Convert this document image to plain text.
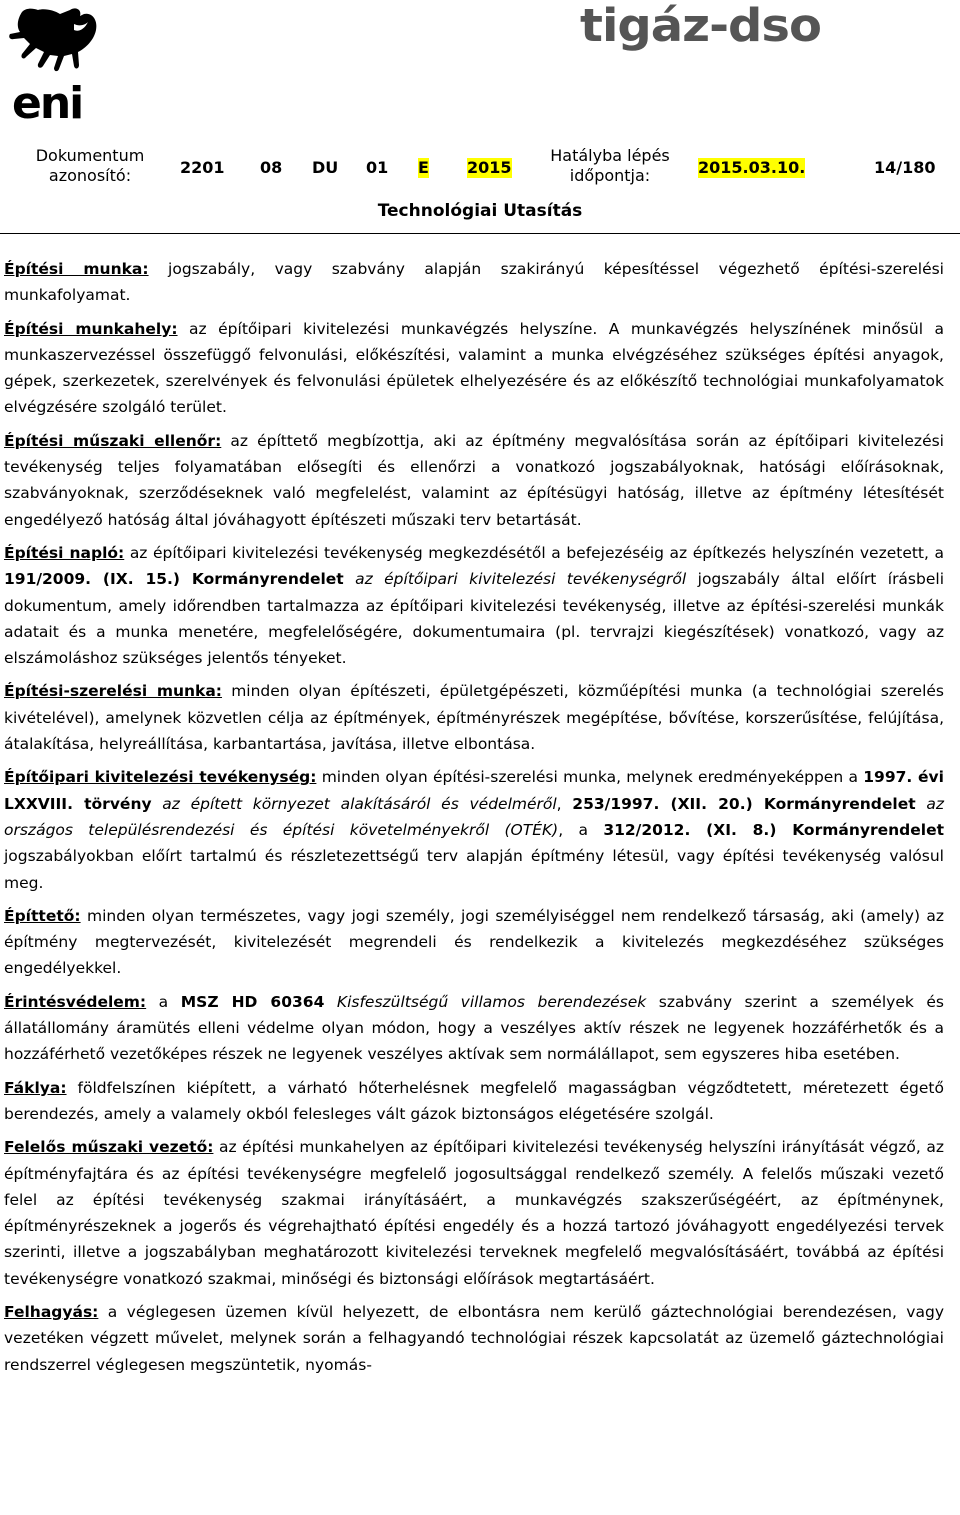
eni
tigáz-dso
Dokumentum azonosító:	2201 08 DU 01 E 2015
Hatályba lépés időpontja:	2015.03.10.	14/180
Technológiai Utasítás

Építési munka: jogszabály, vagy szabvány alapján szakirányú képesítéssel végezhető építési-szerelési munkafolyamat.

Építési munkahely: az építőipari kivitelezési munkavégzés helyszíne. A munkavégzés helyszínének minősül a munkaszervezéssel összefüggő felvonulási, előkészítési, valamint a munka elvégzéséhez szükséges építési anyagok, gépek, szerkezetek, szerelvények és felvonulási épületek elhelyezésére és az előkészítő technológiai munkafolyamatok elvégzésére szolgáló terület.

Építési műszaki ellenőr: az építtető megbízottja, aki az építmény megvalósítása során az építőipari kivitelezési tevékenység teljes folyamatában elősegíti és ellenőrzi a vonatkozó jogszabályoknak, hatósági előírásoknak, szabványoknak, szerződéseknek való megfelelést, valamint az építésügyi hatóság, illetve az építmény létesítését engedélyező hatóság által jóváhagyott építészeti műszaki terv betartását.

Építési napló: az építőipari kivitelezési tevékenység megkezdésétől a befejezéséig az építkezés helyszínén vezetett, a 191/2009. (IX. 15.) Kormányrendelet az építőipari kivitelezési tevékenységről jogszabály által előírt írásbeli dokumentum, amely időrendben tartalmazza az építőipari kivitelezési tevékenység, illetve az építési-szerelési munkák adatait és a munka menetére, megfelelőségére, dokumentumaira (pl. tervrajzi kiegészítések) vonatkozó, vagy az elszámoláshoz szükséges jelentős tényeket.

Építési-szerelési munka: minden olyan építészeti, épületgépészeti, közműépítési munka (a technológiai szerelés kivételével), amelynek közvetlen célja az építmények, építményrészek megépítése, bővítése, korszerűsítése, felújítása, átalakítása, helyreállítása, karbantartása, javítása, illetve elbontása.

Építőipari kivitelezési tevékenység: minden olyan építési-szerelési munka, melynek eredményeképpen a 1997. évi LXXVIII. törvény az épített környezet alakításáról és védelméről, 253/1997. (XII. 20.) Kormányrendelet az országos településrendezési és építési követelményekről (OTÉK), a 312/2012. (XI. 8.) Kormányrendelet jogszabályokban előírt tartalmú és részletezettségű terv alapján építmény létesül, vagy építési tevékenység valósul meg.

Építtető: minden olyan természetes, vagy jogi személy, jogi személyiséggel nem rendelkező társaság, aki (amely) az építmény megtervezését, kivitelezését megrendeli és rendelkezik a kivitelezés megkezdéséhez szükséges engedélyekkel.

Érintésvédelem: a MSZ HD 60364 Kisfeszültségű villamos berendezések szabvány szerint a személyek és állatállomány áramütés elleni védelme olyan módon, hogy a veszélyes aktív részek ne legyenek hozzáférhetők és a hozzáférhető vezetőképes részek ne legyenek veszélyes aktívak sem normálállapot, sem egyszeres hiba esetében.

Fáklya: földfelszínen kiépített, a várható hőterhelésnek megfelelő magasságban végződtetett, méretezett égető berendezés, amely a valamely okból felesleges vált gázok biztonságos elégetésére szolgál.

Felelős műszaki vezető: az építési munkahelyen az építőipari kivitelezési tevékenység helyszíni irányítását végző, az építményfajtára és az építési tevékenységre megfelelő jogosultsággal rendelkező személy. A felelős műszaki vezető felel az építési tevékenység szakmai irányításáért, a munkavégzés szakszerűségéért, az építménynek, építményrészeknek a jogerős és végrehajtható építési engedély és a hozzá tartozó jóváhagyott engedélyezési tervek szerinti, illetve a jogszabályban meghatározott kivitelezési terveknek megfelelő megvalósításáért, továbbá az építési tevékenységre vonatkozó szakmai, minőségi és biztonsági előírások megtartásáért.

Felhagyás: a véglegesen üzemen kívül helyezett, de elbontásra nem kerülő gáztechnológiai berendezésen, vagy vezetéken végzett művelet, melynek során a felhagyandó technológiai részek kapcsolatát az üzemelő gáztechnológiai rendszerrel véglegesen megszüntetik, nyomás-
